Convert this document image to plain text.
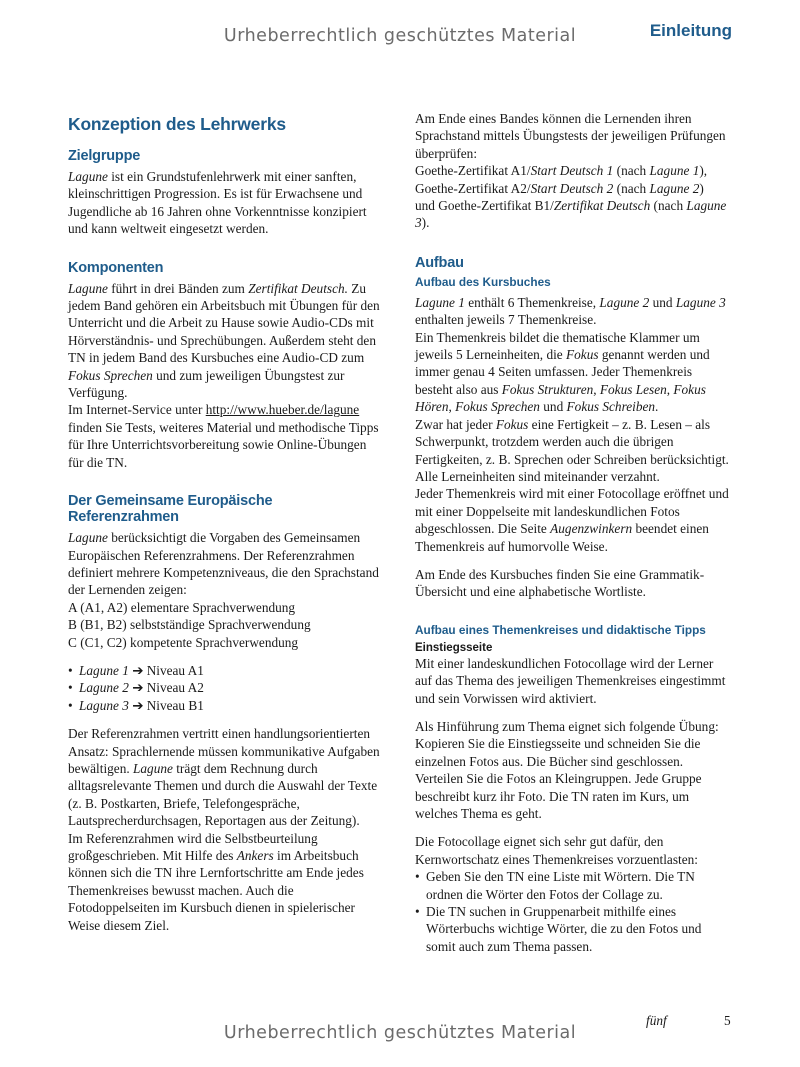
Urheberrechtlich geschütztes Material	Einleitung
Konzeption des Lehrwerks
Zielgruppe

Lagune ist ein Grundstufenlehrwerk mit einer sanften, kleinschrittigen Progression. Es ist für Erwachsene und Jugendliche ab 16 Jahren ohne Vorkenntnisse konzipiert und kann weltweit eingesetzt werden.

Komponenten

Lagune führt in drei Bänden zum Zertifikat Deutsch. Zu jedem Band gehören ein Arbeitsbuch mit Übungen für den Unterricht und die Arbeit zu Hause sowie Audio-CDs mit Hörverständnis- und Sprechübungen. Außerdem steht den TN in jedem Band des Kursbuches eine Audio-CD zum Fokus Sprechen und zum jeweiligen Übungstest zur Verfügung.

Im Internet-Service unter http://www.hueber.de/lagune finden Sie Tests, weiteres Material und methodische Tipps für Ihre Unterrichtsvorbereitung sowie Online-Übungen für die TN.

Der Gemeinsame Europäische Referenzrahmen

Lagune berücksichtigt die Vorgaben des Gemeinsamen Europäischen Referenzrahmens. Der Referenzrahmen definiert mehrere Kompetenzniveaus, die den Sprachstand der Lernenden zeigen:

A (A1, A2) elementare Sprachverwendung

B (B1, B2) selbstständige Sprachverwendung

C (C1, C2) kompetente Sprachverwendung

• Lagune 1 ➔ Niveau A1
• Lagune 2 ➔ Niveau A2
• Lagune 3 ➔ Niveau B1

Der Referenzrahmen vertritt einen handlungsorientierten Ansatz: Sprachlernende müssen kommunikative Aufgaben bewältigen. Lagune trägt dem Rechnung durch alltagsrelevante Themen und durch die Auswahl der Texte (z. B. Postkarten, Briefe, Telefongespräche, Lautsprecherdurchsagen, Reportagen aus der Zeitung).

Im Referenzrahmen wird die Selbstbeurteilung großgeschrieben. Mit Hilfe des Ankers im Arbeitsbuch können sich die TN ihre Lernfortschritte am Ende jedes Themenkreises bewusst machen. Auch die Fotodoppelseiten im Kursbuch dienen in spielerischer Weise diesem Ziel.

Am Ende eines Bandes können die Lernenden ihren Sprachstand mittels Übungstests der jeweiligen Prüfungen überprüfen:

Goethe-Zertifikat A1/Start Deutsch 1 (nach Lagune 1),

Goethe-Zertifikat A2/Start Deutsch 2 (nach Lagune 2)

und Goethe-Zertifikat B1/Zertifikat Deutsch (nach Lagune 3).

Aufbau
Aufbau des Kursbuches

Lagune 1 enthält 6 Themenkreise, Lagune 2 und Lagune 3 enthalten jeweils 7 Themenkreise.

Ein Themenkreis bildet die thematische Klammer um jeweils 5 Lerneinheiten, die Fokus genannt werden und immer genau 4 Seiten umfassen. Jeder Themenkreis besteht also aus Fokus Strukturen, Fokus Lesen, Fokus Hören, Fokus Sprechen und Fokus Schreiben.

Zwar hat jeder Fokus eine Fertigkeit – z. B. Lesen – als Schwerpunkt, trotzdem werden auch die übrigen Fertigkeiten, z. B. Sprechen oder Schreiben berücksichtigt. Alle Lerneinheiten sind miteinander verzahnt.

Jeder Themenkreis wird mit einer Fotocollage eröffnet und mit einer Doppelseite mit landeskundlichen Fotos abgeschlossen. Die Seite Augenzwinkern beendet einen Themenkreis auf humorvolle Weise.

Am Ende des Kursbuches finden Sie eine Grammatik-Übersicht und eine alphabetische Wortliste.

Aufbau eines Themenkreises und didaktische Tipps
Einstiegsseite

Mit einer landeskundlichen Fotocollage wird der Lerner auf das Thema des jeweiligen Themenkreises eingestimmt und sein Vorwissen wird aktiviert.

Als Hinführung zum Thema eignet sich folgende Übung:

Kopieren Sie die Einstiegsseite und schneiden Sie die einzelnen Fotos aus. Die Bücher sind geschlossen. Verteilen Sie die Fotos an Kleingruppen. Jede Gruppe beschreibt kurz ihr Foto. Die TN raten im Kurs, um welches Thema es geht.

Die Fotocollage eignet sich sehr gut dafür, den Kernwortschatz eines Themenkreises vorzuentlasten:

• Geben Sie den TN eine Liste mit Wörtern. Die TN ordnen die Wörter den Fotos der Collage zu.
• Die TN suchen in Gruppenarbeit mithilfe eines Wörterbuchs wichtige Wörter, die zu den Fotos und somit auch zum Thema passen.
fünf	5
Urheberrechtlich geschütztes Material
